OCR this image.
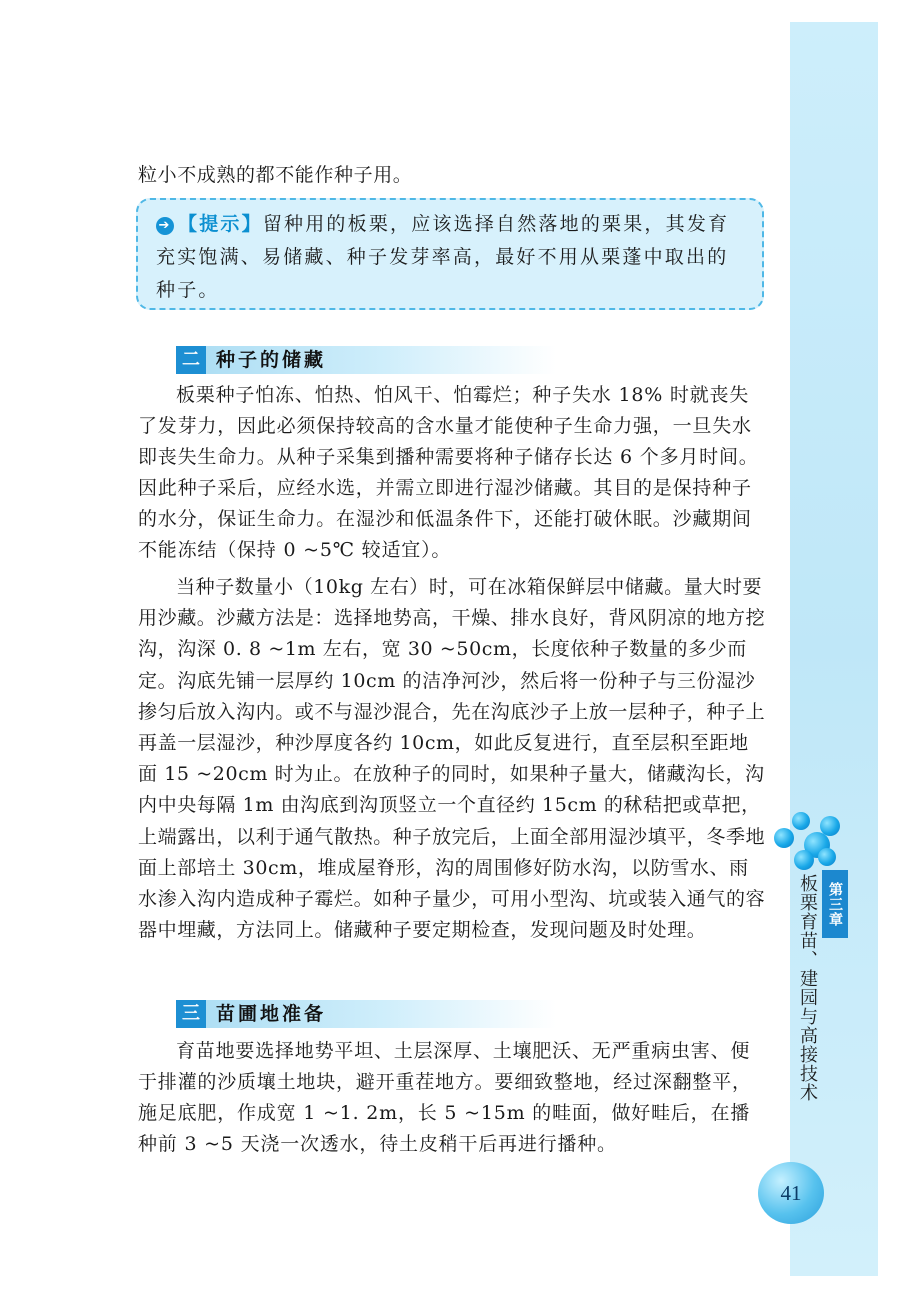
粒小不成熟的都不能作种子用。
➔ 【提示】留种用的板栗，应该选择自然落地的栗果，其发育充实饱满、易储藏、种子发芽率高，最好不用从栗蓬中取出的种子。
二 种子的储藏
板栗种子怕冻、怕热、怕风干、怕霉烂；种子失水 18% 时就丧失了发芽力，因此必须保持较高的含水量才能使种子生命力强，一旦失水即丧失生命力。从种子采集到播种需要将种子储存长达 6 个多月时间。因此种子采后，应经水选，并需立即进行湿沙储藏。其目的是保持种子的水分，保证生命力。在湿沙和低温条件下，还能打破休眠。沙藏期间不能冻结（保持 0 ~5℃ 较适宜）。
当种子数量小（10kg 左右）时，可在冰箱保鲜层中储藏。量大时要用沙藏。沙藏方法是：选择地势高，干燥、排水良好，背风阴凉的地方挖沟，沟深 0. 8 ~1m 左右，宽 30 ~50cm，长度依种子数量的多少而定。沟底先铺一层厚约 10cm 的洁净河沙，然后将一份种子与三份湿沙掺匀后放入沟内。或不与湿沙混合，先在沟底沙子上放一层种子，种子上再盖一层湿沙，种沙厚度各约 10cm，如此反复进行，直至层积至距地面 15 ~20cm 时为止。在放种子的同时，如果种子量大，储藏沟长，沟内中央每隔 1m 由沟底到沟顶竖立一个直径约 15cm 的秫秸把或草把，上端露出，以利于通气散热。种子放完后，上面全部用湿沙填平，冬季地面上部培土 30cm，堆成屋脊形，沟的周围修好防水沟，以防雪水、雨水渗入沟内造成种子霉烂。如种子量少，可用小型沟、坑或装入通气的容器中埋藏，方法同上。储藏种子要定期检查，发现问题及时处理。
三 苗圃地准备
育苗地要选择地势平坦、土层深厚、土壤肥沃、无严重病虫害、便于排灌的沙质壤土地块，避开重茬地方。要细致整地，经过深翻整平，施足底肥，作成宽 1 ~1. 2m，长 5 ~15m 的畦面，做好畦后，在播种前 3 ~5 天浇一次透水，待土皮稍干后再进行播种。
第三章
板栗育苗、建园与高接技术
41
